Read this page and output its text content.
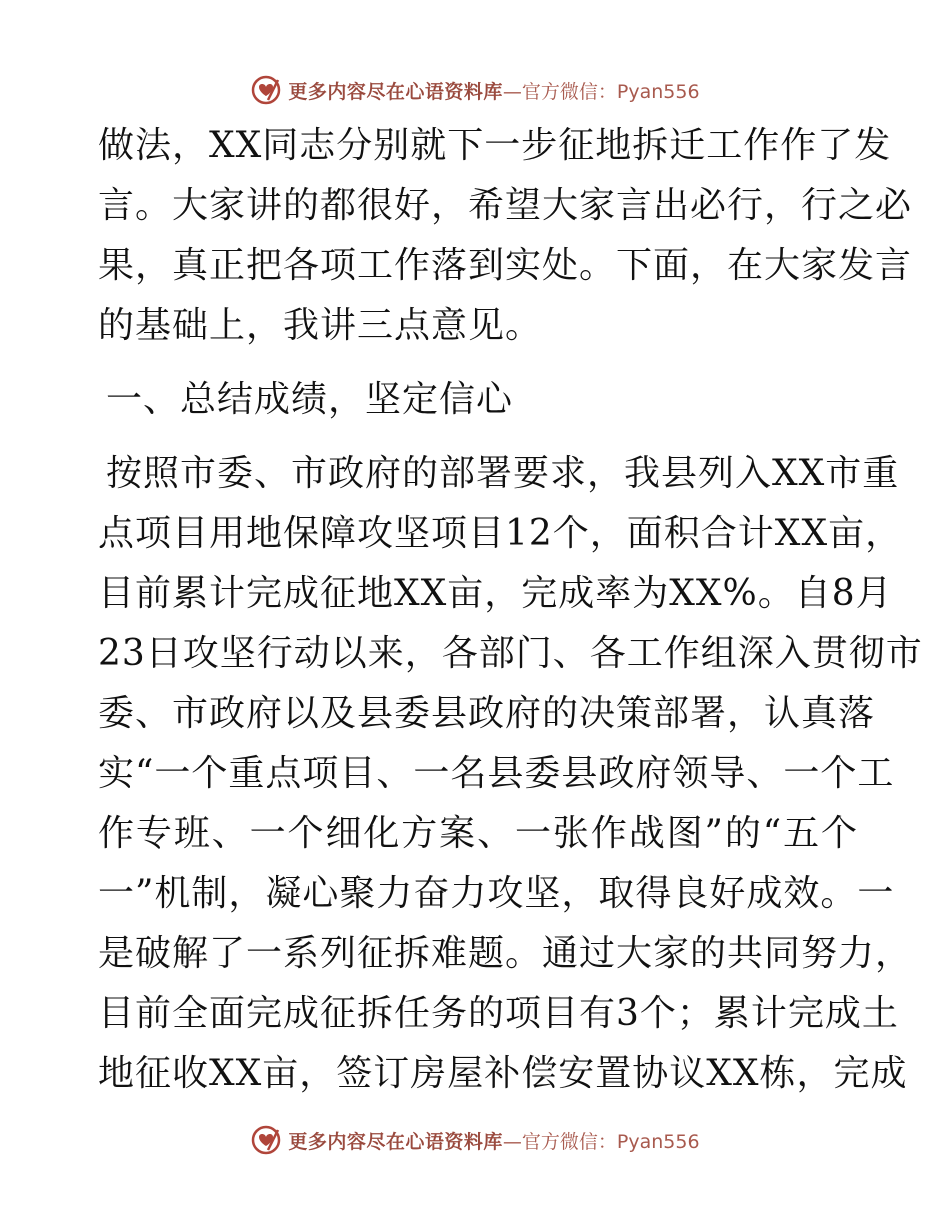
更多内容尽在心语资料库 —官方微信：Pyan556
做法，XX同志分别就下一步征地拆迁工作作了发
言。大家讲的都很好，希望大家言出必行，行之必
果，真正把各项工作落到实处。下面，在大家发言
的基础上，我讲三点意见。
一、总结成绩，坚定信心
按照市委、市政府的部署要求，我县列入XX市重
点项目用地保障攻坚项目12个，面积合计XX亩，
目前累计完成征地XX亩，完成率为XX%。自8月
23日攻坚行动以来，各部门、各工作组深入贯彻市
委、市政府以及县委县政府的决策部署，认真落
实“一个重点项目、一名县委县政府领导、一个工
作专班、一个细化方案、一张作战图”的“五个
一”机制，凝心聚力奋力攻坚，取得良好成效。一
是破解了一系列征拆难题。通过大家的共同努力，
目前全面完成征拆任务的项目有3个；累计完成土
地征收XX亩，签订房屋补偿安置协议XX栋，完成
更多内容尽在心语资料库 —官方微信：Pyan556
